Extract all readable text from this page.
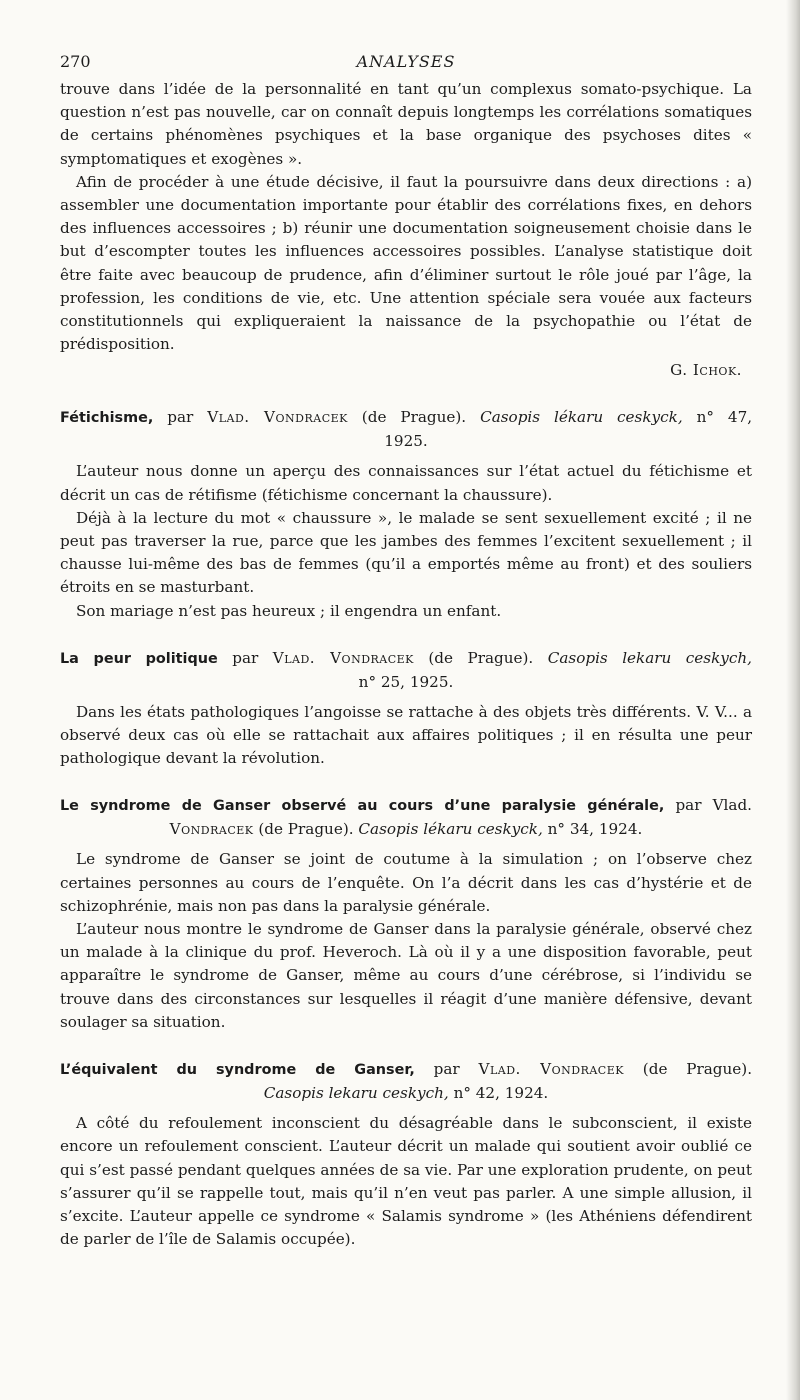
270	ANALYSES

trouve dans l’idée de la personnalité en tant qu’un complexus somato-psychique. La question n’est pas nouvelle, car on connaît depuis longtemps les corrélations somatiques de certains phénomènes psychiques et la base organique des psychoses dites « symptomatiques et exogènes ».

Afin de procéder à une étude décisive, il faut la poursuivre dans deux directions : a) assembler une documentation importante pour établir des corrélations fixes, en dehors des influences accessoires ; b) réunir une documentation soigneusement choisie dans le but d’escompter toutes les influences accessoires possibles. L’analyse statistique doit être faite avec beaucoup de prudence, afin d’éliminer surtout le rôle joué par l’âge, la profession, les conditions de vie, etc. Une attention spéciale sera vouée aux facteurs constitutionnels qui expliqueraient la naissance de la psychopathie ou l’état de prédisposition.

G. Ichok.
Fétichisme, par Vlad. Vondracek (de Prague). Casopis lékaru ceskyck, n° 47,
1925.

L’auteur nous donne un aperçu des connaissances sur l’état actuel du fétichisme et décrit un cas de rétifisme (fétichisme concernant la chaussure).

Déjà à la lecture du mot « chaussure », le malade se sent sexuellement excité ; il ne peut pas traverser la rue, parce que les jambes des femmes l’excitent sexuellement ; il chausse lui-même des bas de femmes (qu’il a emportés même au front) et des souliers étroits en se masturbant.

Son mariage n’est pas heureux ; il engendra un enfant.

La peur politique par Vlad. Vondracek (de Prague). Casopis lekaru ceskych,
n° 25, 1925.

Dans les états pathologiques l’angoisse se rattache à des objets très différents. V. V... a observé deux cas où elle se rattachait aux affaires politiques ; il en résulta une peur pathologique devant la révolution.

Le syndrome de Ganser observé au cours d’une paralysie générale, par Vlad.
Vondracek (de Prague). Casopis lékaru ceskyck, n° 34, 1924.

Le syndrome de Ganser se joint de coutume à la simulation ; on l’observe chez certaines personnes au cours de l’enquête. On l’a décrit dans les cas d’hystérie et de schizophrénie, mais non pas dans la paralysie générale.

L’auteur nous montre le syndrome de Ganser dans la paralysie générale, observé chez un malade à la clinique du prof. Heveroch. Là où il y a une disposition favorable, peut apparaître le syndrome de Ganser, même au cours d’une cérébrose, si l’individu se trouve dans des circonstances sur lesquelles il réagit d’une manière défensive, devant soulager sa situation.

L’équivalent du syndrome de Ganser, par Vlad. Vondracek (de Prague).
Casopis lekaru ceskych, n° 42, 1924.

A côté du refoulement inconscient du désagréable dans le subconscient, il existe encore un refoulement conscient. L’auteur décrit un malade qui soutient avoir oublié ce qui s’est passé pendant quelques années de sa vie. Par une exploration prudente, on peut s’assurer qu’il se rappelle tout, mais qu’il n’en veut pas parler. A une simple allusion, il s’excite. L’auteur appelle ce syndrome « Salamis syndrome » (les Athéniens défendirent de parler de l’île de Salamis occupée).
